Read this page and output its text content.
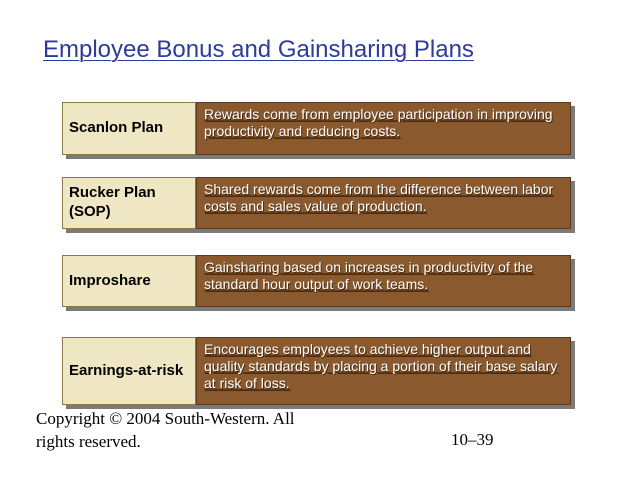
Employee Bonus and Gainsharing Plans
Scanlon Plan
Rewards come from employee participation in improving productivity and reducing costs.
Rucker Plan (SOP)
Shared rewards come from the difference between labor costs and sales value of production.
Improshare
Gainsharing based on increases in productivity of the standard hour output of work teams.
Earnings-at-risk
Encourages employees to achieve higher output and quality standards by placing a portion of their base salary at risk of loss.
Copyright © 2004 South-Western. All rights reserved.	10–39
